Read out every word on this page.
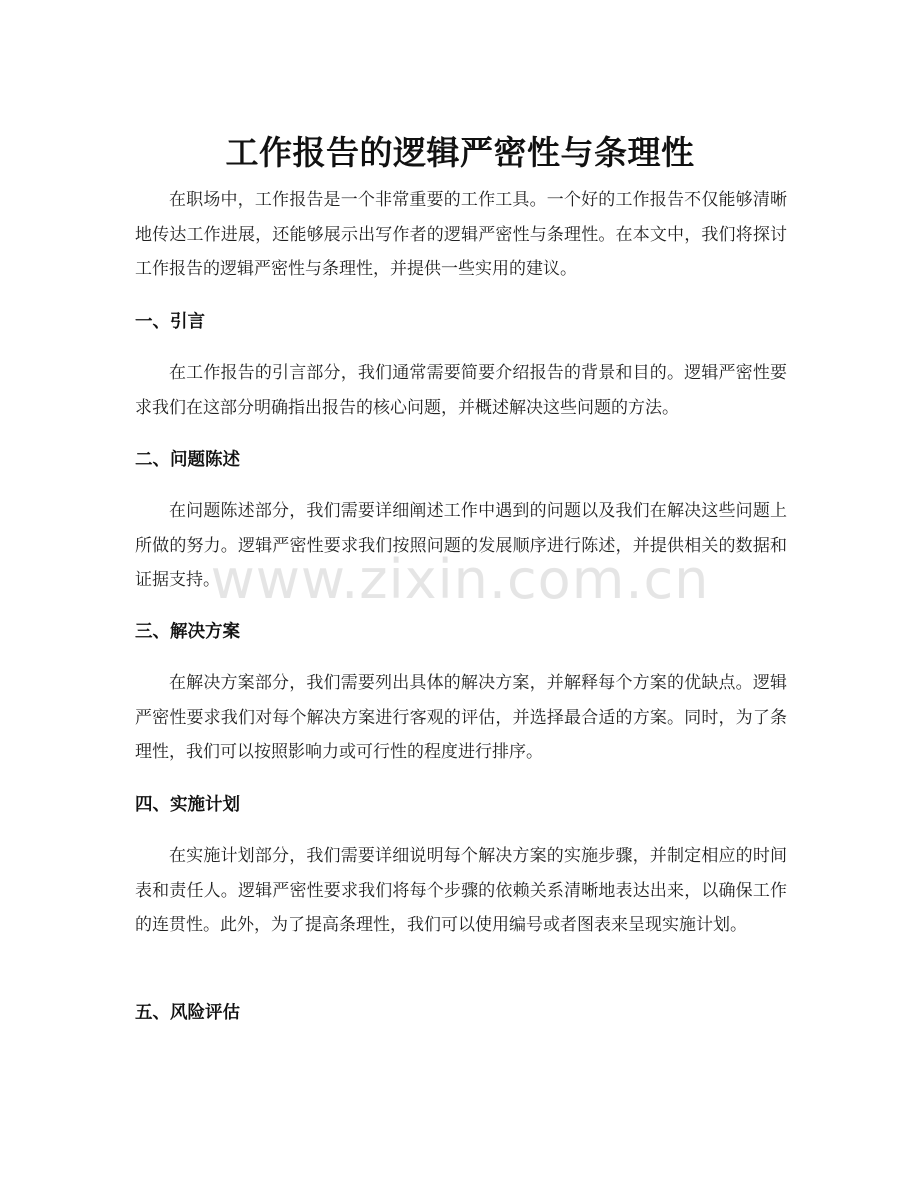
工作报告的逻辑严密性与条理性

在职场中，工作报告是一个非常重要的工作工具。一个好的工作报告不仅能够清晰地传达工作进展，还能够展示出写作者的逻辑严密性与条理性。在本文中，我们将探讨工作报告的逻辑严密性与条理性，并提供一些实用的建议。

一、引言

在工作报告的引言部分，我们通常需要简要介绍报告的背景和目的。逻辑严密性要求我们在这部分明确指出报告的核心问题，并概述解决这些问题的方法。

二、问题陈述

在问题陈述部分，我们需要详细阐述工作中遇到的问题以及我们在解决这些问题上所做的努力。逻辑严密性要求我们按照问题的发展顺序进行陈述，并提供相关的数据和证据支持。

三、解决方案

在解决方案部分，我们需要列出具体的解决方案，并解释每个方案的优缺点。逻辑严密性要求我们对每个解决方案进行客观的评估，并选择最合适的方案。同时，为了条理性，我们可以按照影响力或可行性的程度进行排序。

四、实施计划

在实施计划部分，我们需要详细说明每个解决方案的实施步骤，并制定相应的时间表和责任人。逻辑严密性要求我们将每个步骤的依赖关系清晰地表达出来，以确保工作的连贯性。此外，为了提高条理性，我们可以使用编号或者图表来呈现实施计划。

五、风险评估
www.zixin.com.cn
